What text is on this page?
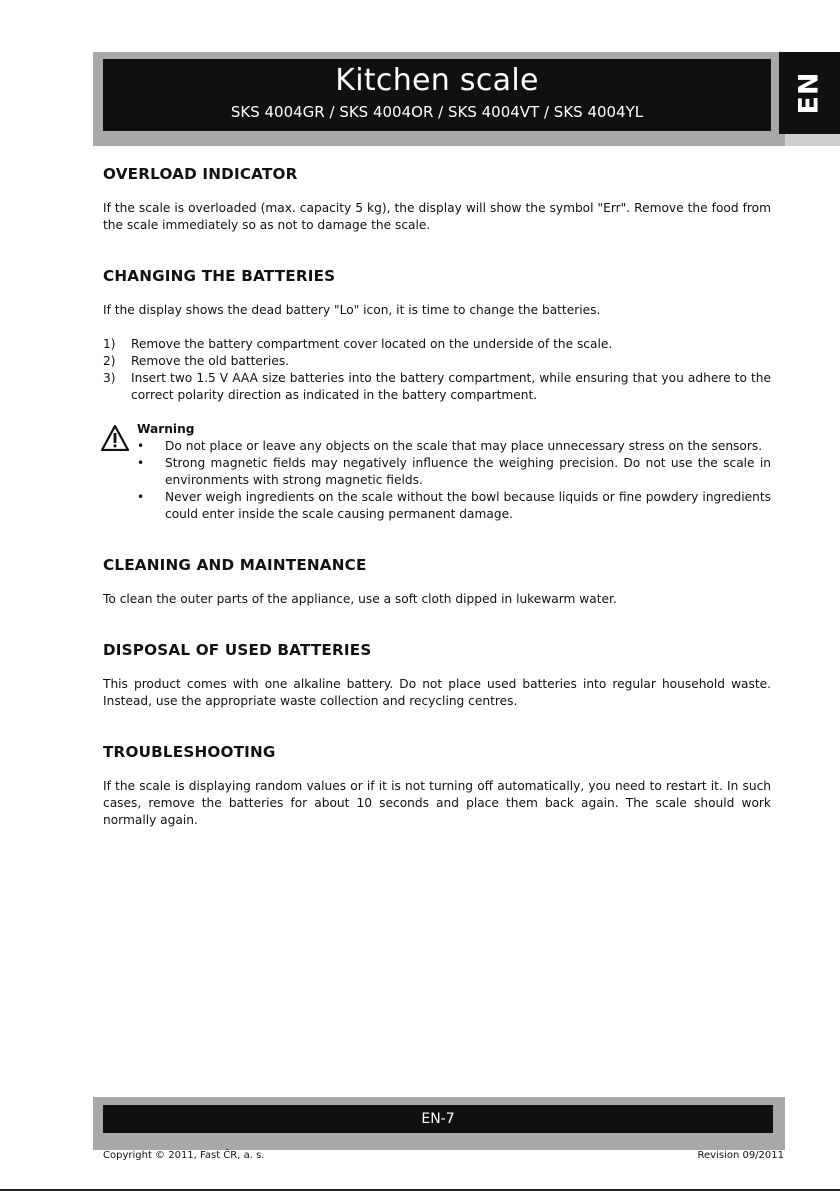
Kitchen scale
SKS 4004GR / SKS 4004OR / SKS 4004VT / SKS 4004YL	EN
OVERLOAD INDICATOR

If the scale is overloaded (max. capacity 5 kg), the display will show the symbol "Err". Remove the food from the scale immediately so as not to damage the scale.

CHANGING THE BATTERIES

If the display shows the dead battery "Lo" icon, it is time to change the batteries.

1)	Remove the battery compartment cover located on the underside of the scale.
2)	Remove the old batteries.
3)	Insert two 1.5 V AAA size batteries into the battery compartment, while ensuring that you adhere to the correct polarity direction as indicated in the battery compartment.
Warning
•	Do not place or leave any objects on the scale that may place unnecessary stress on the sensors.
•	Strong magnetic fields may negatively influence the weighing precision. Do not use the scale in environments with strong magnetic fields.
•	Never weigh ingredients on the scale without the bowl because liquids or fine powdery ingredients could enter inside the scale causing permanent damage.
CLEANING AND MAINTENANCE

To clean the outer parts of the appliance, use a soft cloth dipped in lukewarm water.

DISPOSAL OF USED BATTERIES

This product comes with one alkaline battery. Do not place used batteries into regular household waste. Instead, use the appropriate waste collection and recycling centres.

TROUBLESHOOTING

If the scale is displaying random values or if it is not turning off automatically, you need to restart it. In such cases, remove the batteries for about 10 seconds and place them back again. The scale should work normally again.

EN-7
Copyright © 2011, Fast ČR, a. s.	Revision 09/2011
